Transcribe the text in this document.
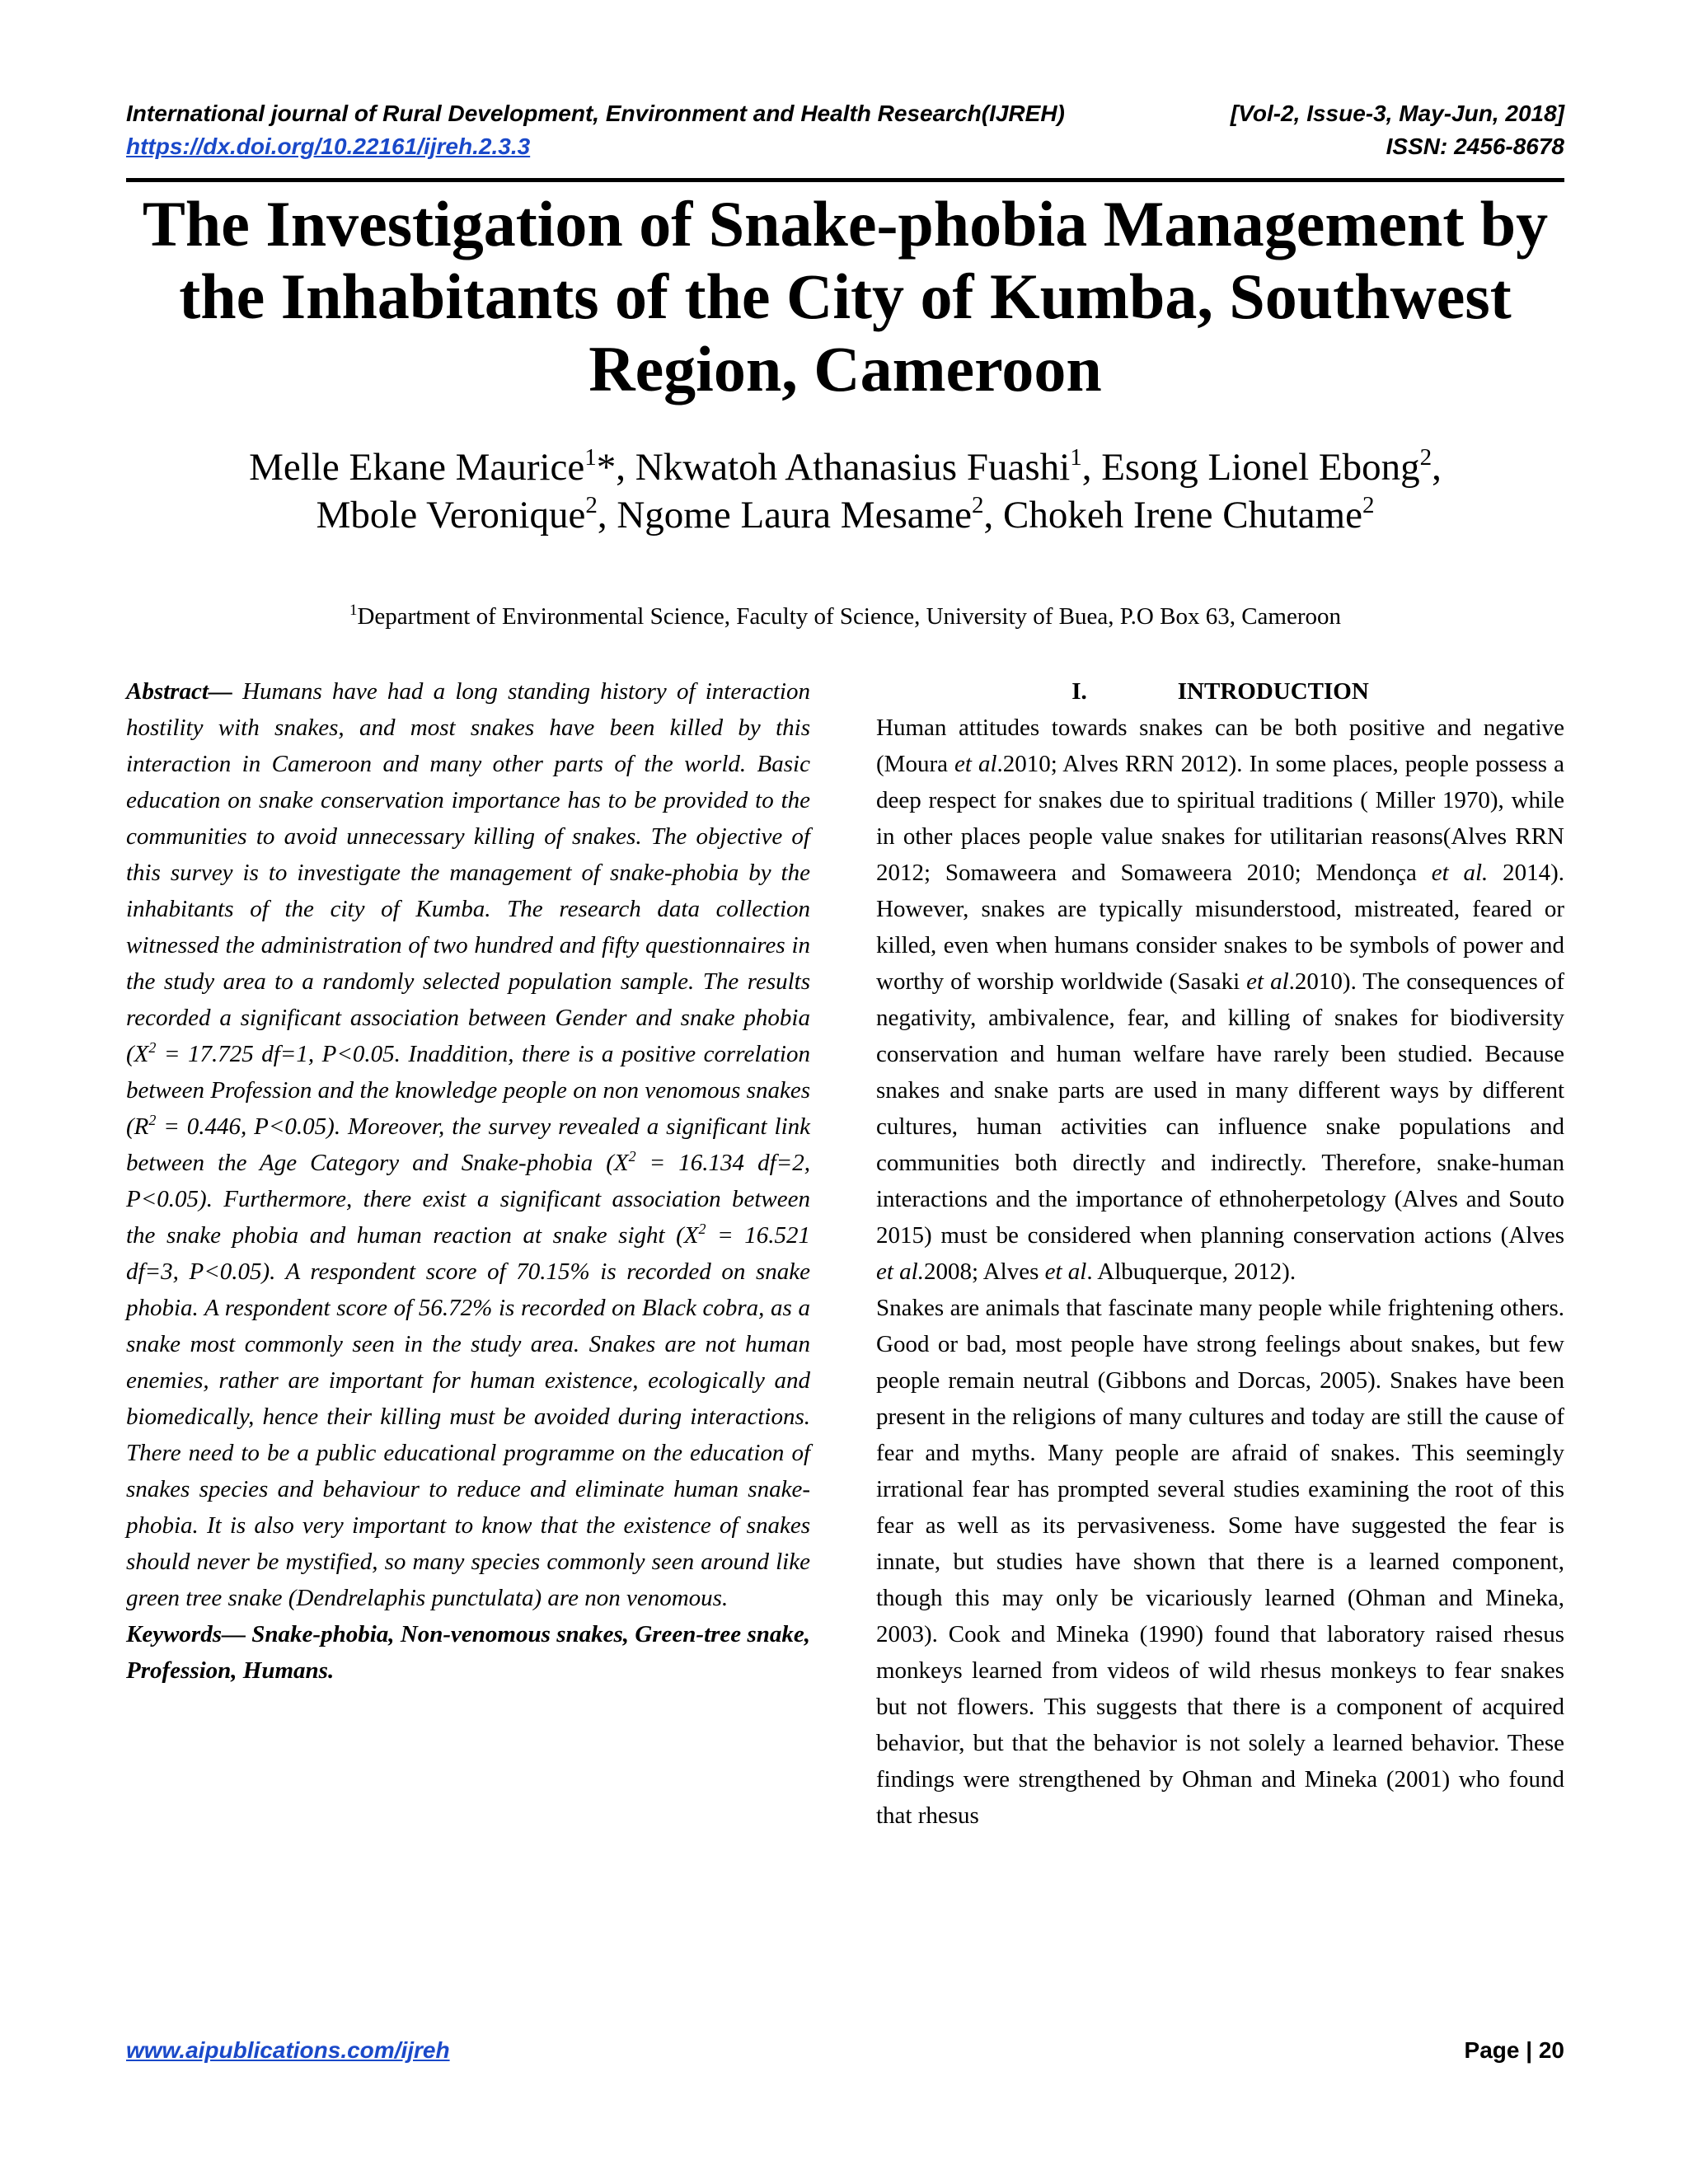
International journal of Rural Development, Environment and Health Research(IJREH)	[Vol-2, Issue-3, May-Jun, 2018]
https://dx.doi.org/10.22161/ijreh.2.3.3	ISSN: 2456-8678
The Investigation of Snake-phobia Management by the Inhabitants of the City of Kumba, Southwest Region, Cameroon
Melle Ekane Maurice$^1$*, Nkwatoh Athanasius Fuashi$^1$, Esong Lionel Ebong$^2$,
Mbole Veronique$^2$, Ngome Laura Mesame$^2$, Chokeh Irene Chutame$^2$
$^1$Department of Environmental Science, Faculty of Science, University of Buea, P.O Box 63, Cameroon

Abstract— Humans have had a long standing history of interaction hostility with snakes, and most snakes have been killed by this interaction in Cameroon and many other parts of the world. Basic education on snake conservation importance has to be provided to the communities to avoid unnecessary killing of snakes. The objective of this survey is to investigate the management of snake-phobia by the inhabitants of the city of Kumba. The research data collection witnessed the administration of two hundred and fifty questionnaires in the study area to a randomly selected population sample. The results recorded a significant association between Gender and snake phobia ($X^2 = 17.725$ df=1, P<0.05. Inaddition, there is a positive correlation between Profession and the knowledge people on non venomous snakes ($R^2 = 0.446$, P<0.05). Moreover, the survey revealed a significant link between the Age Category and Snake-phobia ($X^2 = 16.134$ df=2, P<0.05). Furthermore, there exist a significant association between the snake phobia and human reaction at snake sight ($X^2 = 16.521$ df=3, P<0.05). A respondent score of 70.15% is recorded on snake phobia. A respondent score of 56.72% is recorded on Black cobra, as a snake most commonly seen in the study area. Snakes are not human enemies, rather are important for human existence, ecologically and biomedically, hence their killing must be avoided during interactions. There need to be a public educational programme on the education of snakes species and behaviour to reduce and eliminate human snake-phobia. It is also very important to know that the existence of snakes should never be mystified, so many species commonly seen around like green tree snake (Dendrelaphis punctulata) are non venomous.

Keywords— Snake-phobia, Non-venomous snakes, Green-tree snake, Profession, Humans.

I.	INTRODUCTION

Human attitudes towards snakes can be both positive and negative (Moura et al.2010; Alves RRN 2012). In some places, people possess a deep respect for snakes due to spiritual traditions ( Miller 1970), while in other places people value snakes for utilitarian reasons(Alves RRN 2012; Somaweera and Somaweera 2010; Mendonça et al. 2014). However, snakes are typically misunderstood, mistreated, feared or killed, even when humans consider snakes to be symbols of power and worthy of worship worldwide (Sasaki et al.2010). The consequences of negativity, ambivalence, fear, and killing of snakes for biodiversity conservation and human welfare have rarely been studied. Because snakes and snake parts are used in many different ways by different cultures, human activities can influence snake populations and communities both directly and indirectly. Therefore, snake-human interactions and the importance of ethnoherpetology (Alves and Souto 2015) must be considered when planning conservation actions (Alves et al.2008; Alves et al. Albuquerque, 2012).

Snakes are animals that fascinate many people while frightening others. Good or bad, most people have strong feelings about snakes, but few people remain neutral (Gibbons and Dorcas, 2005). Snakes have been present in the religions of many cultures and today are still the cause of fear and myths. Many people are afraid of snakes. This seemingly irrational fear has prompted several studies examining the root of this fear as well as its pervasiveness. Some have suggested the fear is innate, but studies have shown that there is a learned component, though this may only be vicariously learned (Ohman and Mineka, 2003). Cook and Mineka (1990) found that laboratory raised rhesus monkeys learned from videos of wild rhesus monkeys to fear snakes but not flowers. This suggests that there is a component of acquired behavior, but that the behavior is not solely a learned behavior. These findings were strengthened by Ohman and Mineka (2001) who found that rhesus

www.aipublications.com/ijreh	Page | 20
